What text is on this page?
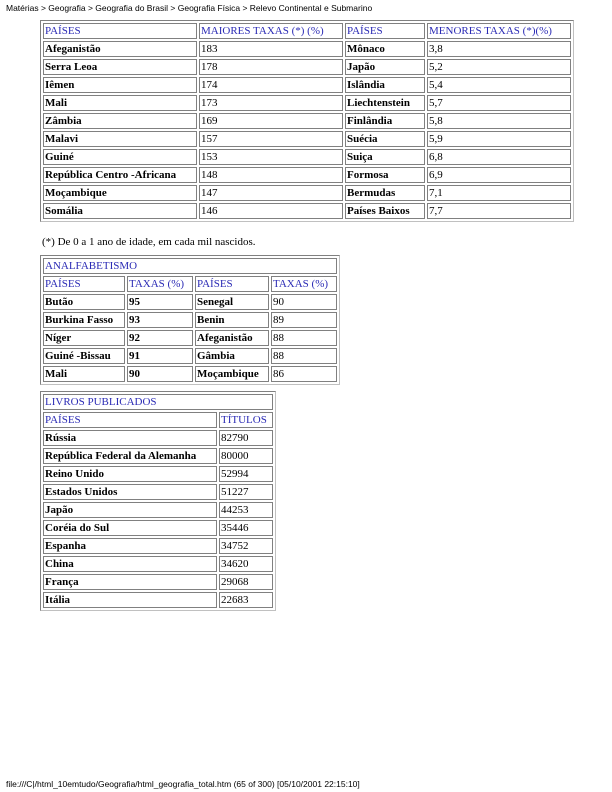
Matérias > Geografia > Geografia do Brasil > Geografia Física > Relevo Continental e Submarino
PAÍSES	MAIORES TAXAS (*) (%)	PAÍSES	MENORES TAXAS (*)(%)
Afeganistão	183	Mônaco	3,8
Serra Leoa	178	Japão	5,2
Iêmen	174	Islândia	5,4
Mali	173	Liechtenstein	5,7
Zâmbia	169	Finlândia	5,8
Malavi	157	Suécia	5,9
Guiné	153	Suiça	6,8
República Centro -Africana	148	Formosa	6,9
Moçambique	147	Bermudas	7,1
Somália	146	Países Baixos	7,7
(*) De 0 a 1 ano de idade, em cada mil nascidos.
ANALFABETISMO			
PAÍSES	TAXAS (%)	PAÍSES	TAXAS (%)
Butão	95	Senegal	90
Burkina Fasso	93	Benin	89
Níger	92	Afeganistão	88
Guiné -Bissau	91	Gâmbia	88
Mali	90	Moçambique	86
LIVROS PUBLICADOS	
PAÍSES	TÍTULOS
Rússia	82790
República Federal da Alemanha	80000
Reino Unido	52994
Estados Unidos	51227
Japão	44253
Coréia do Sul	35446
Espanha	34752
China	34620
França	29068
Itália	22683
file:///C|/html_10emtudo/Geografia/html_geografia_total.htm (65 of 300) [05/10/2001 22:15:10]
